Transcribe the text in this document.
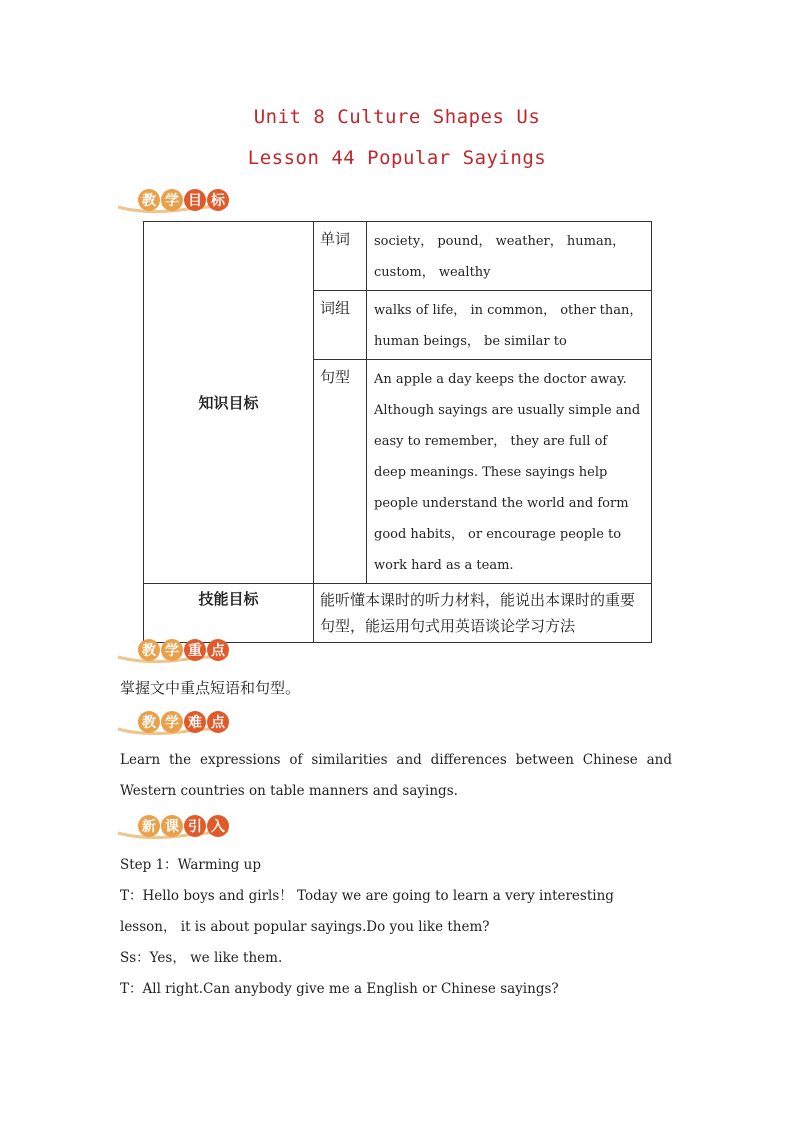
Unit 8 Culture Shapes Us
Lesson 44 Popular Sayings
教 学 目 标
知识目标	单词	society， pound， weather， human， custom， wealthy
	词组	walks of life， in common， other than， human beings， be similar to
	句型	An apple a day keeps the doctor away. Although sayings are usually simple and easy to remember， they are full of deep meanings. These sayings help people understand the world and form good habits， or encourage people to work hard as a team.
技能目标	能听懂本课时的听力材料，能说出本课时的重要句型，能运用句式用英语谈论学习方法	
教 学 重 点
掌握文中重点短语和句型。
教 学 难 点
Learn the expressions of similarities and differences between Chinese and Western countries on table manners and sayings.
新 课 引 入
Step 1：Warming up
T：Hello boys and girls！ Today we are going to learn a very interesting lesson， it is about popular sayings.Do you like them?
Ss：Yes， we like them.
T：All right.Can anybody give me a English or Chinese sayings?
